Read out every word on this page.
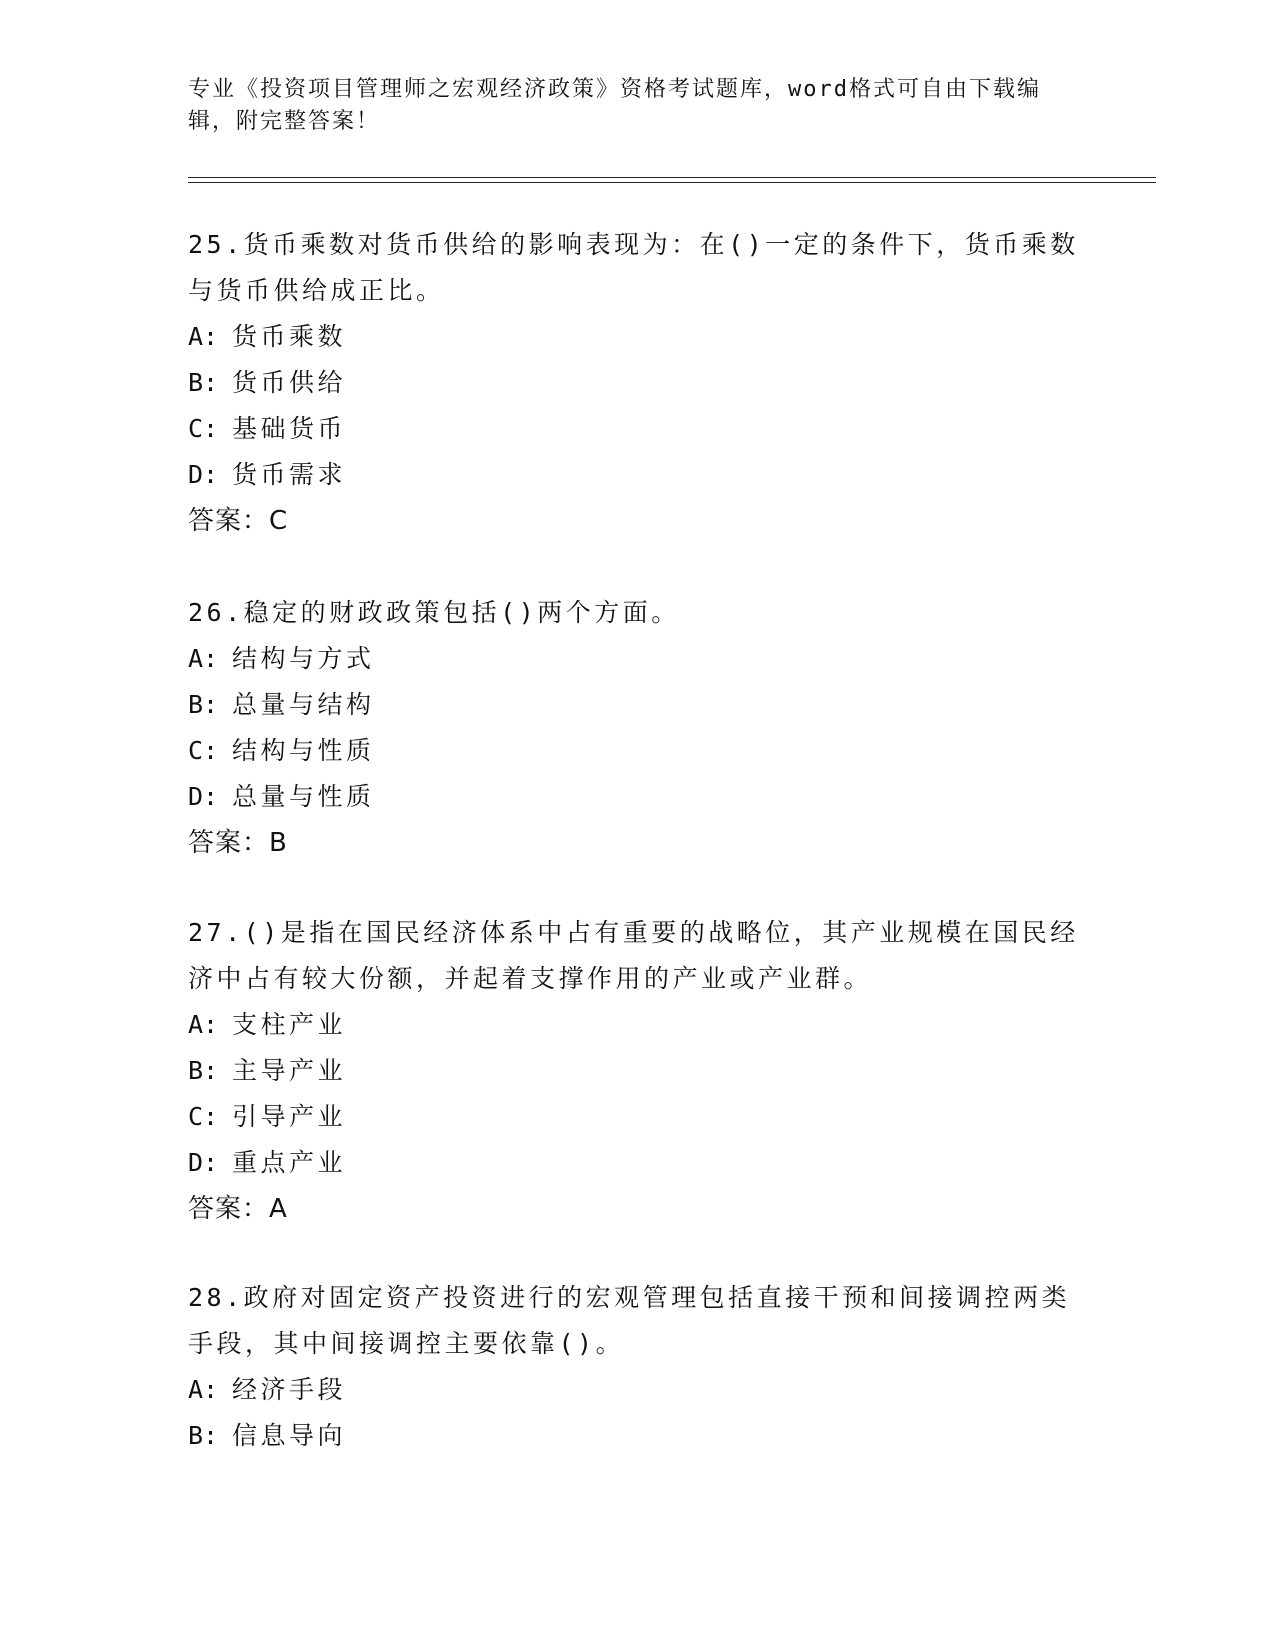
专业《投资项目管理师之宏观经济政策》资格考试题库，word格式可自由下载编辑，附完整答案！

25.货币乘数对货币供给的影响表现为：在()一定的条件下，货币乘数与货币供给成正比。

A: 货币乘数
B: 货币供给
C: 基础货币
D: 货币需求
答案：C

26.稳定的财政政策包括()两个方面。

A: 结构与方式
B: 总量与结构
C: 结构与性质
D: 总量与性质
答案：B

27.()是指在国民经济体系中占有重要的战略位，其产业规模在国民经济中占有较大份额，并起着支撑作用的产业或产业群。

A: 支柱产业
B: 主导产业
C: 引导产业
D: 重点产业
答案：A

28.政府对固定资产投资进行的宏观管理包括直接干预和间接调控两类手段，其中间接调控主要依靠()。

A: 经济手段
B: 信息导向
